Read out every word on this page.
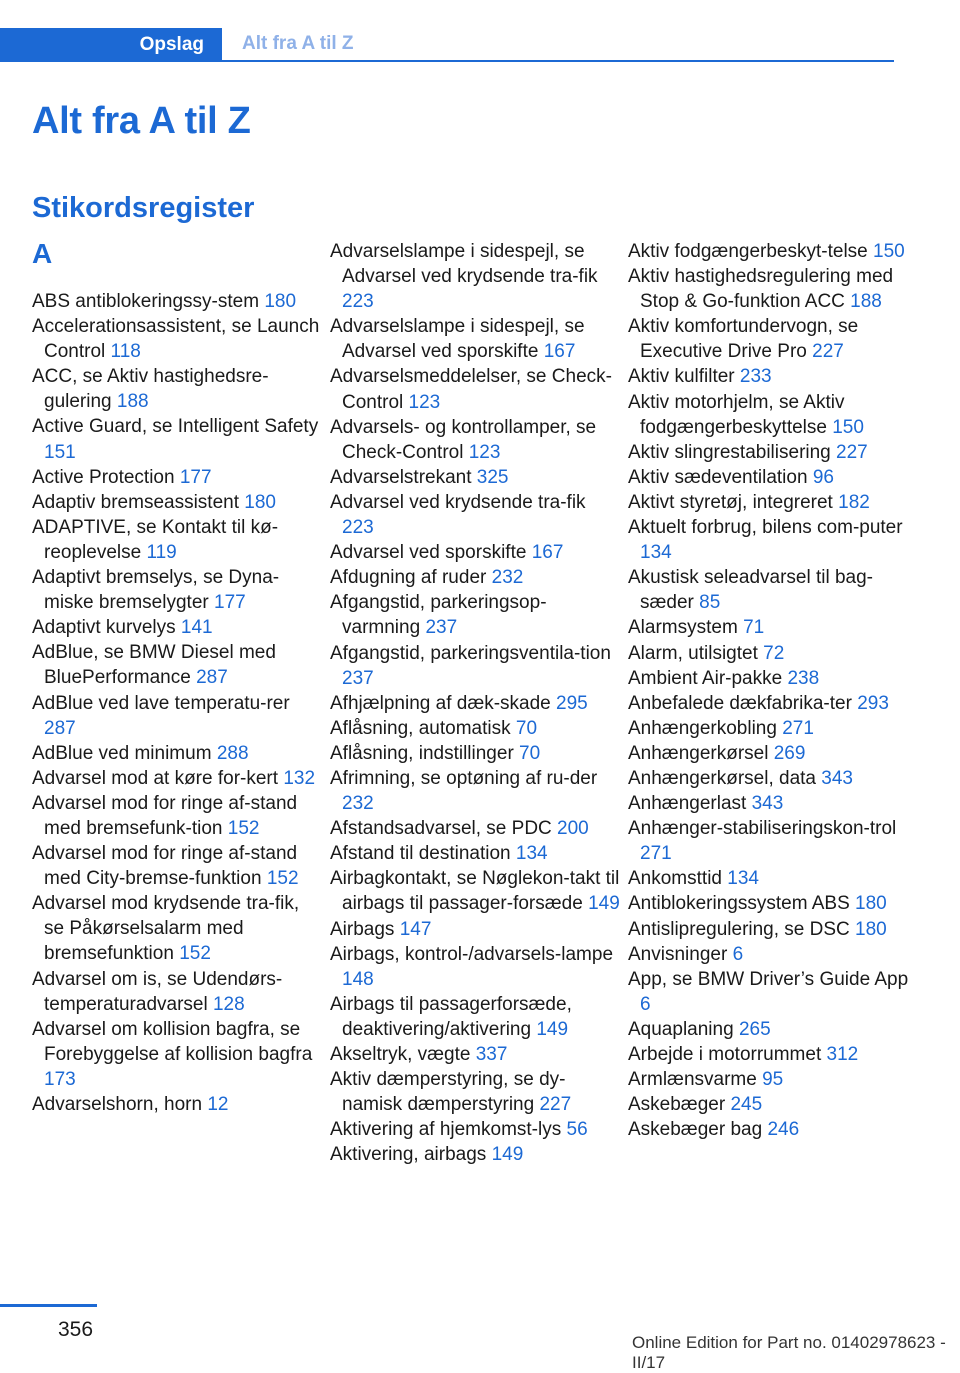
Opslag Alt fra A til Z
Alt fra A til Z
Stikordsregister
A
ABS antiblokeringssy-stem 180
Accelerationsassistent, se Launch Control 118
ACC, se Aktiv hastighedsre-gulering 188
Active Guard, se Intelligent Safety 151
Active Protection 177
Adaptiv bremseassistent 180
ADAPTIVE, se Kontakt til kø-reoplevelse 119
Adaptivt bremselys, se Dyna-miske bremselygter 177
Adaptivt kurvelys 141
AdBlue, se BMW Diesel med BluePerformance 287
AdBlue ved lave temperatu-rer 287
AdBlue ved minimum 288
Advarsel mod at køre for-kert 132
Advarsel mod for ringe af-stand med bremsefunk-tion 152
Advarsel mod for ringe af-stand med City-bremse-funktion 152
Advarsel mod krydsende tra-fik, se Påkørselsalarm med bremsefunktion 152
Advarsel om is, se Udendørs-temperaturadvarsel 128
Advarsel om kollision bagfra, se Forebyggelse af kollision bagfra 173
Advarselshorn, horn 12
Advarselslampe i sidespejl, se Advarsel ved krydsende tra-fik 223
Advarselslampe i sidespejl, se Advarsel ved sporskifte 167
Advarselsmeddelelser, se Check-Control 123
Advarsels- og kontrollamper, se Check-Control 123
Advarselstrekant 325
Advarsel ved krydsende tra-fik 223
Advarsel ved sporskifte 167
Afdugning af ruder 232
Afgangstid, parkeringsop-varmning 237
Afgangstid, parkeringsventila-tion 237
Afhjælpning af dæk-skade 295
Aflåsning, automatisk 70
Aflåsning, indstillinger 70
Afrimning, se optøning af ru-der 232
Afstandsadvarsel, se PDC 200
Afstand til destination 134
Airbagkontakt, se Nøglekon-takt til airbags til passager-forsæde 149
Airbags 147
Airbags, kontrol-/advarsels-lampe 148
Airbags til passagerforsæde, deaktivering/aktivering 149
Akseltryk, vægte 337
Aktiv dæmperstyring, se dy-namisk dæmperstyring 227
Aktivering af hjemkomst-lys 56
Aktivering, airbags 149
Aktiv fodgængerbeskyt-telse 150
Aktiv hastighedsregulering med Stop & Go-funktion ACC 188
Aktiv komfortundervogn, se Executive Drive Pro 227
Aktiv kulfilter 233
Aktiv motorhjelm, se Aktiv fodgængerbeskyttelse 150
Aktiv slingrestabilisering 227
Aktiv sædeventilation 96
Aktivt styretøj, integreret 182
Aktuelt forbrug, bilens com-puter 134
Akustisk seleadvarsel til bag-sæder 85
Alarmsystem 71
Alarm, utilsigtet 72
Ambient Air-pakke 238
Anbefalede dækfabrika-ter 293
Anhængerkobling 271
Anhængerkørsel 269
Anhængerkørsel, data 343
Anhængerlast 343
Anhænger-stabiliseringskon-trol 271
Ankomsttid 134
Antiblokeringssystem ABS 180
Antislipregulering, se DSC 180
Anvisninger 6
App, se BMW Driver’s Guide App 6
Aquaplaning 265
Arbejde i motorrummet 312
Armlænsvarme 95
Askebæger 245
Askebæger bag 246
356
Online Edition for Part no. 01402978623 - II/17
